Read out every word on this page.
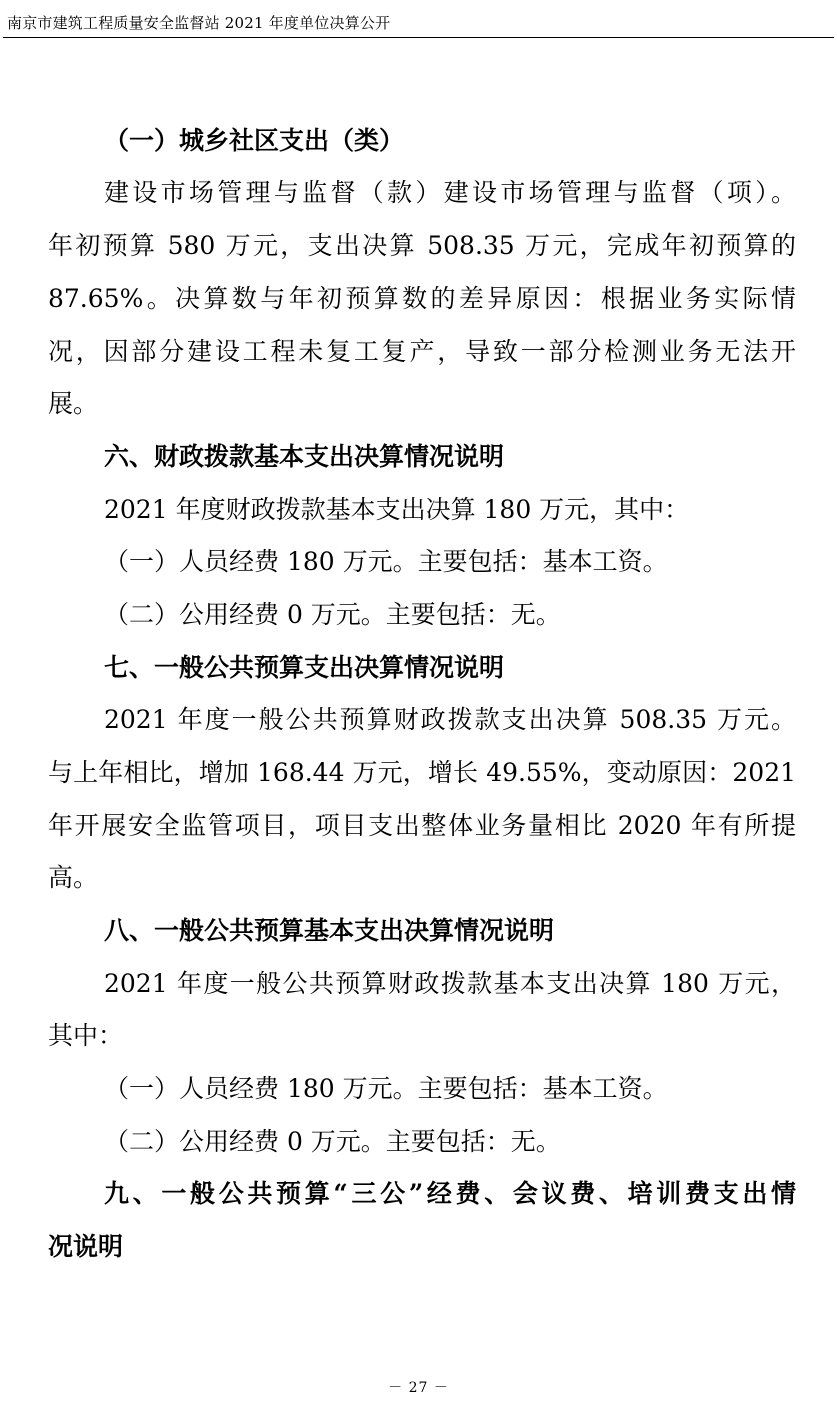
南京市建筑工程质量安全监督站 2021 年度单位决算公开
（一）城乡社区支出（类）
建设市场管理与监督（款）建设市场管理与监督（项）。
年初预算 580 万元，支出决算 508.35 万元，完成年初预算的
87.65%。决算数与年初预算数的差异原因：根据业务实际情
况，因部分建设工程未复工复产，导致一部分检测业务无法开
展。
六、财政拨款基本支出决算情况说明
2021 年度财政拨款基本支出决算 180 万元，其中：
（一）人员经费 180 万元。主要包括：基本工资。
（二）公用经费 0 万元。主要包括：无。
七、一般公共预算支出决算情况说明
2021 年度一般公共预算财政拨款支出决算 508.35 万元。
与上年相比，增加 168.44 万元，增长 49.55%，变动原因：2021
年开展安全监管项目，项目支出整体业务量相比 2020 年有所提
高。
八、一般公共预算基本支出决算情况说明
2021 年度一般公共预算财政拨款基本支出决算 180 万元，
其中：
（一）人员经费 180 万元。主要包括：基本工资。
（二）公用经费 0 万元。主要包括：无。
九、一般公共预算“三公”经费、会议费、培训费支出情
况说明
－ 27 －
